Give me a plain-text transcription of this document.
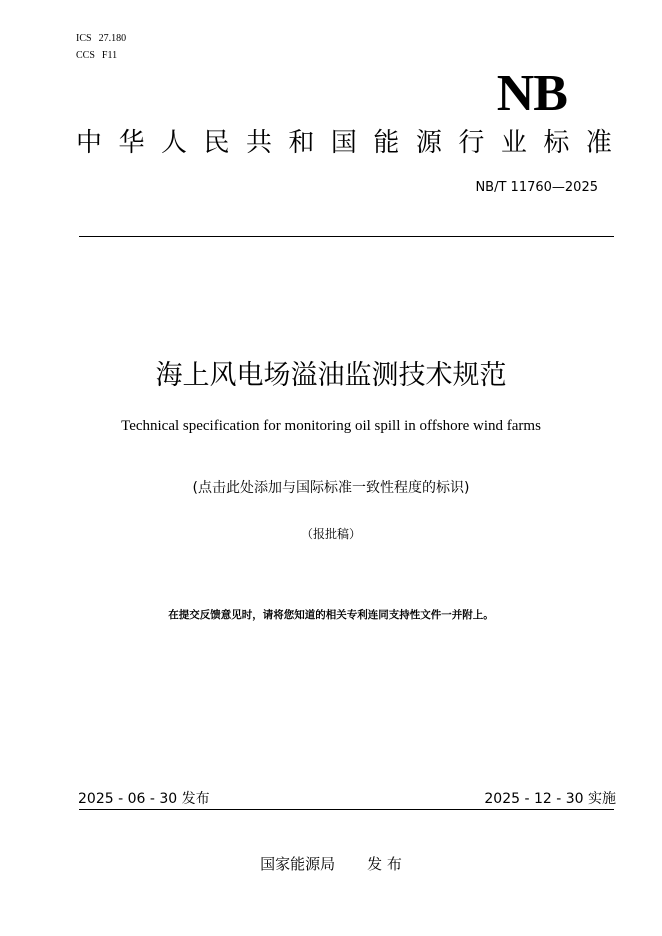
ICS 27.180
CCS F11
NB
中 华 人 民 共 和 国 能 源 行 业 标 准
NB/T 11760—2025
海上风电场溢油监测技术规范
Technical specification for monitoring oil spill in offshore wind farms
(点击此处添加与国际标准一致性程度的标识)
（报批稿）
在提交反馈意见时，请将您知道的相关专利连同支持性文件一并附上。
2025 - 06 - 30 发布	2025 - 12 - 30 实施
国家能源局 发 布
